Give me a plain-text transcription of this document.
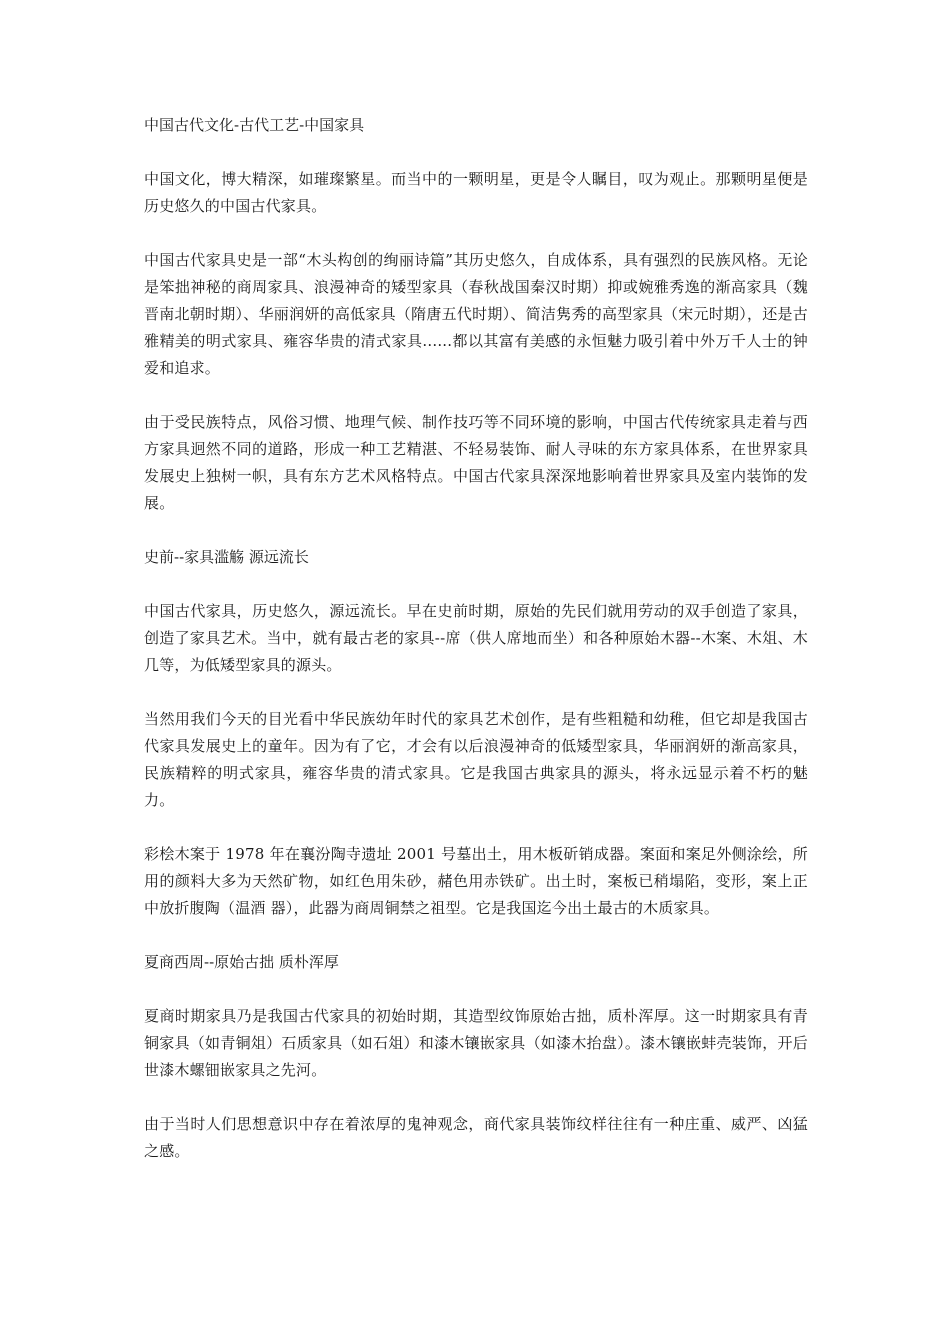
中国古代文化-古代工艺-中国家具

中国文化，博大精深，如璀璨繁星。而当中的一颗明星，更是令人瞩目，叹为观止。那颗明星便是历史悠久的中国古代家具。

中国古代家具史是一部“木头构创的绚丽诗篇”其历史悠久，自成体系，具有强烈的民族风格。无论是笨拙神秘的商周家具、浪漫神奇的矮型家具（春秋战国秦汉时期）抑或婉雅秀逸的渐高家具（魏晋南北朝时期）、华丽润妍的高低家具（隋唐五代时期）、简洁隽秀的高型家具（宋元时期），还是古雅精美的明式家具、雍容华贵的清式家具......都以其富有美感的永恒魅力吸引着中外万千人士的钟爱和追求。

由于受民族特点，风俗习惯、地理气候、制作技巧等不同环境的影响，中国古代传统家具走着与西方家具迥然不同的道路，形成一种工艺精湛、不轻易装饰、耐人寻味的东方家具体系，在世界家具发展史上独树一帜，具有东方艺术风格特点。中国古代家具深深地影响着世界家具及室内装饰的发展。

史前--家具滥觞 源远流长

中国古代家具，历史悠久，源远流长。早在史前时期，原始的先民们就用劳动的双手创造了家具，创造了家具艺术。当中，就有最古老的家具--席（供人席地而坐）和各种原始木器--木案、木俎、木几等，为低矮型家具的源头。

当然用我们今天的目光看中华民族幼年时代的家具艺术创作，是有些粗糙和幼稚，但它却是我国古代家具发展史上的童年。因为有了它，才会有以后浪漫神奇的低矮型家具，华丽润妍的渐高家具，民族精粹的明式家具，雍容华贵的清式家具。它是我国古典家具的源头，将永远显示着不朽的魅力。

彩桧木案于 1978 年在襄汾陶寺遗址 2001 号墓出土，用木板斫销成器。案面和案足外侧涂绘，所用的颜料大多为天然矿物，如红色用朱砂，赭色用赤铁矿。出土时，案板已稍塌陷，变形，案上正中放折腹陶（温酒 器），此器为商周铜禁之祖型。它是我国迄今出土最古的木质家具。

夏商西周--原始古拙 质朴浑厚

夏商时期家具乃是我国古代家具的初始时期，其造型纹饰原始古拙，质朴浑厚。这一时期家具有青铜家具（如青铜俎）石质家具（如石俎）和漆木镶嵌家具（如漆木抬盘）。漆木镶嵌蚌壳装饰，开后世漆木螺钿嵌家具之先河。

由于当时人们思想意识中存在着浓厚的鬼神观念，商代家具装饰纹样往往有一种庄重、威严、凶猛之感。
